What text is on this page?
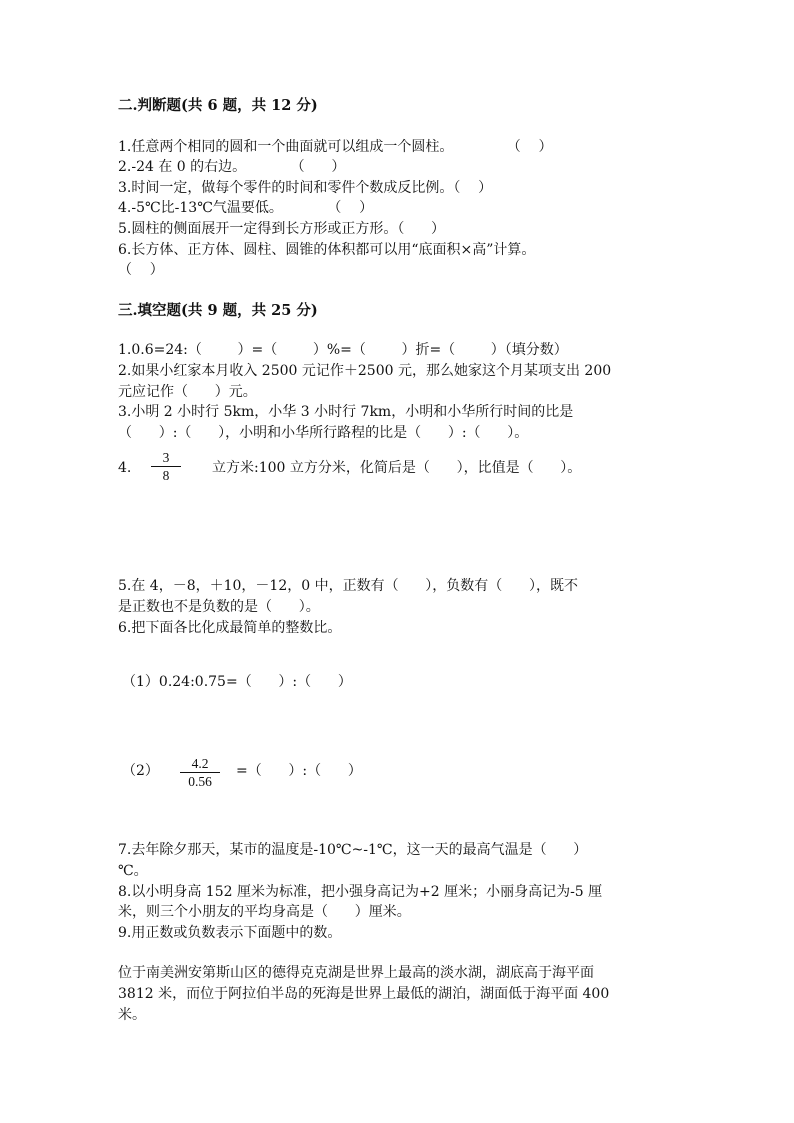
二.判断题(共 6 题，共 12 分)
1.任意两个相同的圆和一个曲面就可以组成一个圆柱。            （    ）
2.-24 在 0 的右边。          （      ）
3.时间一定，做每个零件的时间和零件个数成反比例。（    ）
4.-5℃比-13℃气温要低。          （    ）
5.圆柱的侧面展开一定得到长方形或正方形。（      ）
6.长方体、正方体、圆柱、圆锥的体积都可以用“底面积×高”计算。
（    ）
三.填空题(共 9 题，共 25 分)
1.0.6=24:（        ）=（        ）%=（        ）折=（        ）（填分数）
2.如果小红家本月收入 2500 元记作＋2500 元，那么她家这个月某项支出 200
元应记作（      ）元。
3.小明 2 小时行 5km，小华 3 小时行 7km，小明和小华所行时间的比是
（      ）:（      ），小明和小华所行路程的比是（      ）:（      ）。
4.
3
8	立方米:100 立方分米，化简后是（      ），比值是（      ）。
5.在 4，－8，＋10，－12，0 中，正数有（      ），负数有（      ），既不
是正数也不是负数的是（      ）。
6.把下面各比化成最简单的整数比。
（1）0.24:0.75=（      ）:（      ）
（2）	4.2
0.56
=（      ）:（      ）
7.去年除夕那天，某市的温度是-10℃~-1℃，这一天的最高气温是（      ）
℃。
8.以小明身高 152 厘米为标准，把小强身高记为+2 厘米；小丽身高记为-5 厘
米，则三个小朋友的平均身高是（      ）厘米。
9.用正数或负数表示下面题中的数。
位于南美洲安第斯山区的德得克克湖是世界上最高的淡水湖，湖底高于海平面
3812 米，而位于阿拉伯半岛的死海是世界上最低的湖泊，湖面低于海平面 400
米。
